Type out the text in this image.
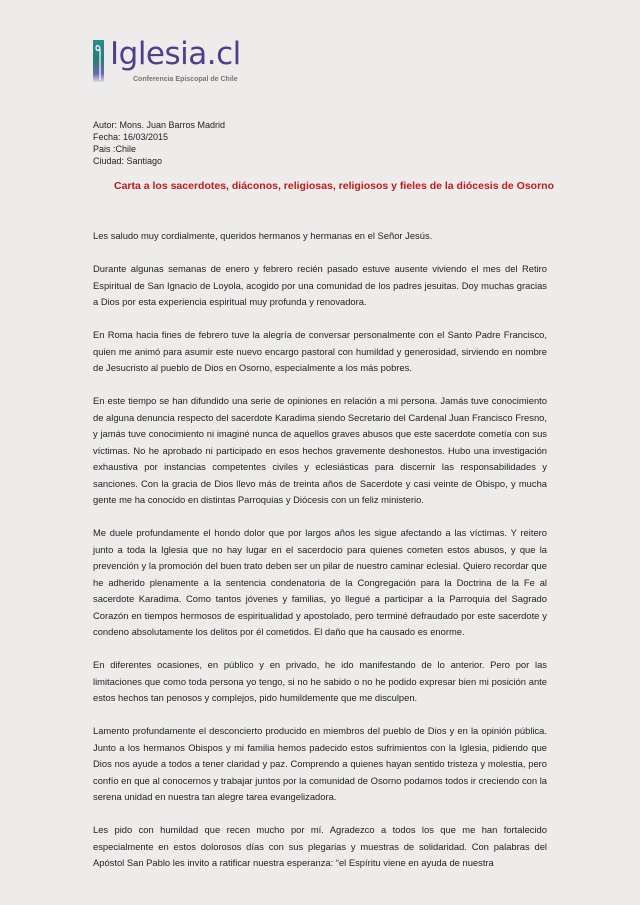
Iglesia.cl
Conferencia Episcopal de Chile
Autor: Mons. Juan Barros Madrid
Fecha: 16/03/2015
Pais :Chile
Ciudad: Santiago
Carta a los sacerdotes, diáconos, religiosas, religiosos y fieles de la diócesis de Osorno

Les saludo muy cordialmente, queridos hermanos y hermanas en el Señor Jesús.

Durante algunas semanas de enero y febrero recién pasado estuve ausente viviendo el mes del Retiro Espiritual de San Ignacio de Loyola, acogido por una comunidad de los padres jesuitas. Doy muchas gracias a Dios por esta experiencia espiritual muy profunda y renovadora.

En Roma hacia fines de febrero tuve la alegría de conversar personalmente con el Santo Padre Francisco, quien me animó para asumir este nuevo encargo pastoral con humildad y generosidad, sirviendo en nombre de Jesucristo al pueblo de Dios en Osorno, especialmente a los más pobres.

En este tiempo se han difundido una serie de opiniones en relación a mi persona. Jamás tuve conocimiento de alguna denuncia respecto del sacerdote Karadima siendo Secretario del Cardenal Juan Francisco Fresno, y jamás tuve conocimiento ni imaginé nunca de aquellos graves abusos que este sacerdote cometía con sus víctimas. No he aprobado ni participado en esos hechos gravemente deshonestos. Hubo una investigación exhaustiva por instancias competentes civiles y eclesiásticas para discernir las responsabilidades y sanciones. Con la gracia de Dios llevo más de treinta años de Sacerdote y casi veinte de Obispo, y mucha gente me ha conocido en distintas Parroquias y Diócesis con un feliz ministerio.

Me duele profundamente el hondo dolor que por largos años les sigue afectando a las víctimas. Y reitero junto a toda la Iglesia que no hay lugar en el sacerdocio para quienes cometen estos abusos, y que la prevención y la promoción del buen trato deben ser un pilar de nuestro caminar eclesial. Quiero recordar que he adherido plenamente a la sentencia condenatoria de la Congregación para la Doctrina de la Fe al sacerdote Karadima. Como tantos jóvenes y familias, yo llegué a participar a la Parroquia del Sagrado Corazón en tiempos hermosos de espiritualidad y apostolado, pero terminé defraudado por este sacerdote y condeno absolutamente los delitos por él cometidos. El daño que ha causado es enorme.

En diferentes ocasiones, en público y en privado, he ido manifestando de lo anterior. Pero por las limitaciones que como toda persona yo tengo, si no he sabido o no he podido expresar bien mi posición ante estos hechos tan penosos y complejos, pido humildemente que me disculpen.

Lamento profundamente el desconcierto producido en miembros del pueblo de Dios y en la opinión pública. Junto a los hermanos Obispos y mi familia hemos padecido estos sufrimientos con la Iglesia, pidiendo que Dios nos ayude a todos a tener claridad y paz. Comprendo a quienes hayan sentido tristeza y molestia, pero confío en que al conocernos y trabajar juntos por la comunidad de Osorno podamos todos ir creciendo con la serena unidad en nuestra tan alegre tarea evangelizadora.

Les pido con humildad que recen mucho por mí. Agradezco a todos los que me han fortalecido especialmente en estos dolorosos días con sus plegarias y muestras de solidaridad. Con palabras del Apóstol San Pablo les invito a ratificar nuestra esperanza: “el Espíritu viene en ayuda de nuestra
